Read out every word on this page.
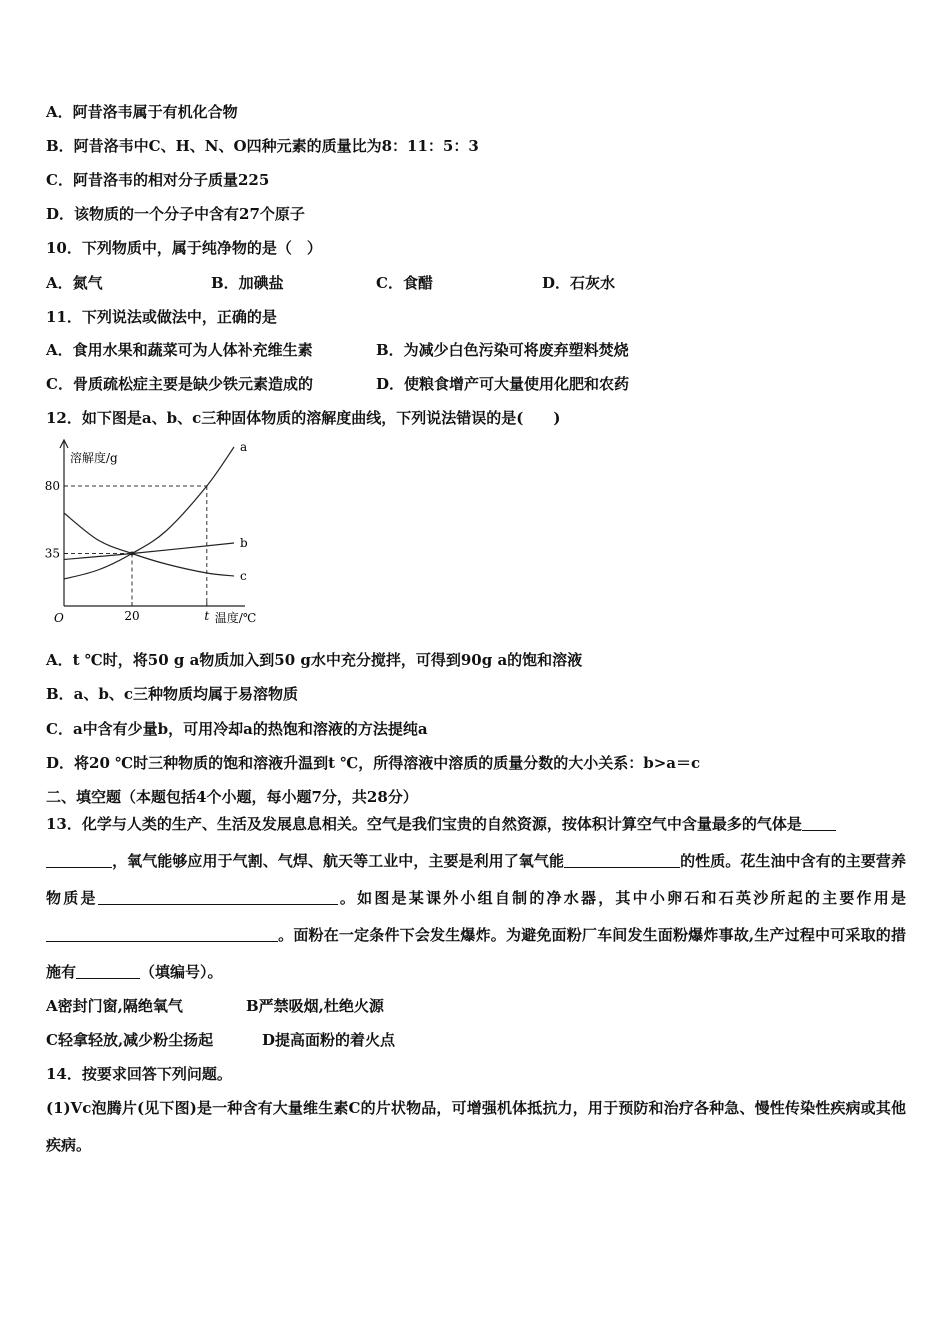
A．阿昔洛韦属于有机化合物
B．阿昔洛韦中C、H、N、O四种元素的质量比为8：11：5：3
C．阿昔洛韦的相对分子质量225
D．该物质的一个分子中含有27个原子
10．下列物质中，属于纯净物的是（　）
A．氮气	B．加碘盐	C．食醋	D．石灰水
11．下列说法或做法中，正确的是
A．食用水果和蔬菜可为人体补充维生素	B．为减少白色污染可将废弃塑料焚烧
C．骨质疏松症主要是缺少铁元素造成的	D．使粮食增产可大量使用化肥和农药
12．如下图是a、b、c三种固体物质的溶解度曲线，下列说法错误的是(　　)
20	t
35
80
a
b
c
溶解度/g
温度/℃
O
A．t ℃时，将50 g a物质加入到50 g水中充分搅拌，可得到90g a的饱和溶液
B．a、b、c三种物质均属于易溶物质
C．a中含有少量b，可用冷却a的热饱和溶液的方法提纯a
D．将20 ℃时三种物质的饱和溶液升温到t ℃，所得溶液中溶质的质量分数的大小关系：b>a＝c
二、填空题（本题包括4个小题，每小题7分，共28分）
13．化学与人类的生产、生活及发展息息相关。空气是我们宝贵的自然资源，按体积计算空气中含量最多的气体是
，氧气能够应用于气割、气焊、航天等工业中，主要是利用了氧气能	的性质。花生油中含有的主要营养物质是	。如图是某课外小组自制的净水器，其中小卵石和石英沙所起的主要作用是。面粉在一定条件下会发生爆炸。为避免面粉厂车间发生面粉爆炸事故,生产过程中可采取的措施有	（填编号）。
A密封门窗,隔绝氧气	B严禁吸烟,杜绝火源
C轻拿轻放,减少粉尘扬起	D提高面粉的着火点
14．按要求回答下列问题。
(1)Vc泡腾片(见下图)是一种含有大量维生素C的片状物品，可增强机体抵抗力，用于预防和治疗各种急、慢性传染性疾病或其他疾病。
